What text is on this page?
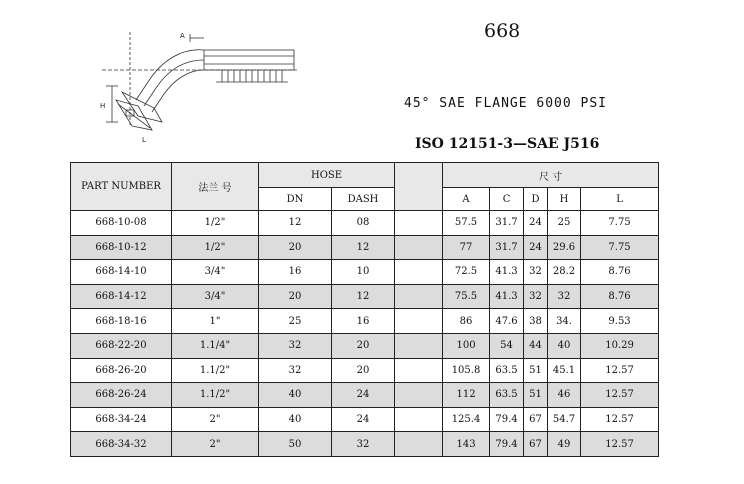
668
45° SAE FLANGE 6000 PSI
ISO 12151-3—SAE J516
A
H
L
PART NUMBER	法兰 号	HOSE			尺 寸				
		DN	DASH		A	C	D	H	L
668-10-08	1/2"	12	08		57.5	31.7	24	25	7.75
668-10-12	1/2"	20	12		77	31.7	24	29.6	7.75
668-14-10	3/4"	16	10		72.5	41.3	32	28.2	8.76
668-14-12	3/4"	20	12		75.5	41.3	32	32	8.76
668-18-16	1"	25	16		86	47.6	38	34.	9.53
668-22-20	1.1/4"	32	20		100	54	44	40	10.29
668-26-20	1.1/2"	32	20		105.8	63.5	51	45.1	12.57
668-26-24	1.1/2"	40	24		112	63.5	51	46	12.57
668-34-24	2"	40	24		125.4	79.4	67	54.7	12.57
668-34-32	2"	50	32		143	79.4	67	49	12.57
